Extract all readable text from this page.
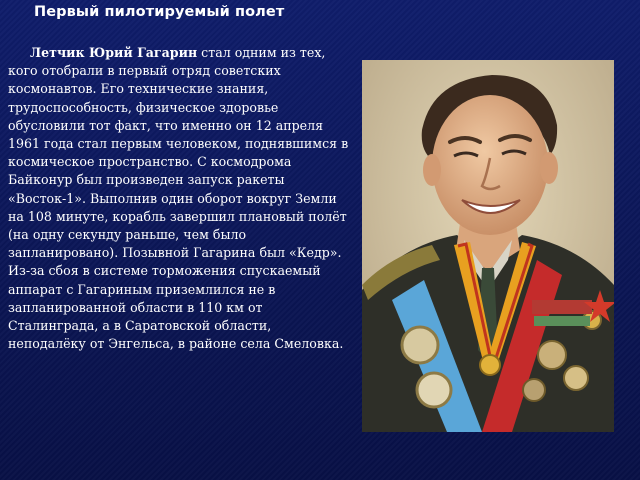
Первый пилотируемый полет

Летчик Юрий Гагарин стал одним из тех, кого отобрали в первый отряд советских космонавтов. Его технические знания, трудоспособность, физическое здоровье обусловили тот факт, что именно он 12 апреля 1961 года стал первым человеком, поднявшимся в космическое пространство. С космодрома Байконур был произведен запуск ракеты «Восток-1». Выполнив один оборот вокруг Земли на 108 минуте, корабль завершил плановый полёт (на одну секунду раньше, чем было запланировано). Позывной Гагарина был «Кедр». Из-за сбоя в системе торможения спускаемый аппарат с Гагариным приземлился не в запланированной области в 110 км от Сталинграда, а в Саратовской области, неподалёку от Энгельса, в районе села Смеловка.
